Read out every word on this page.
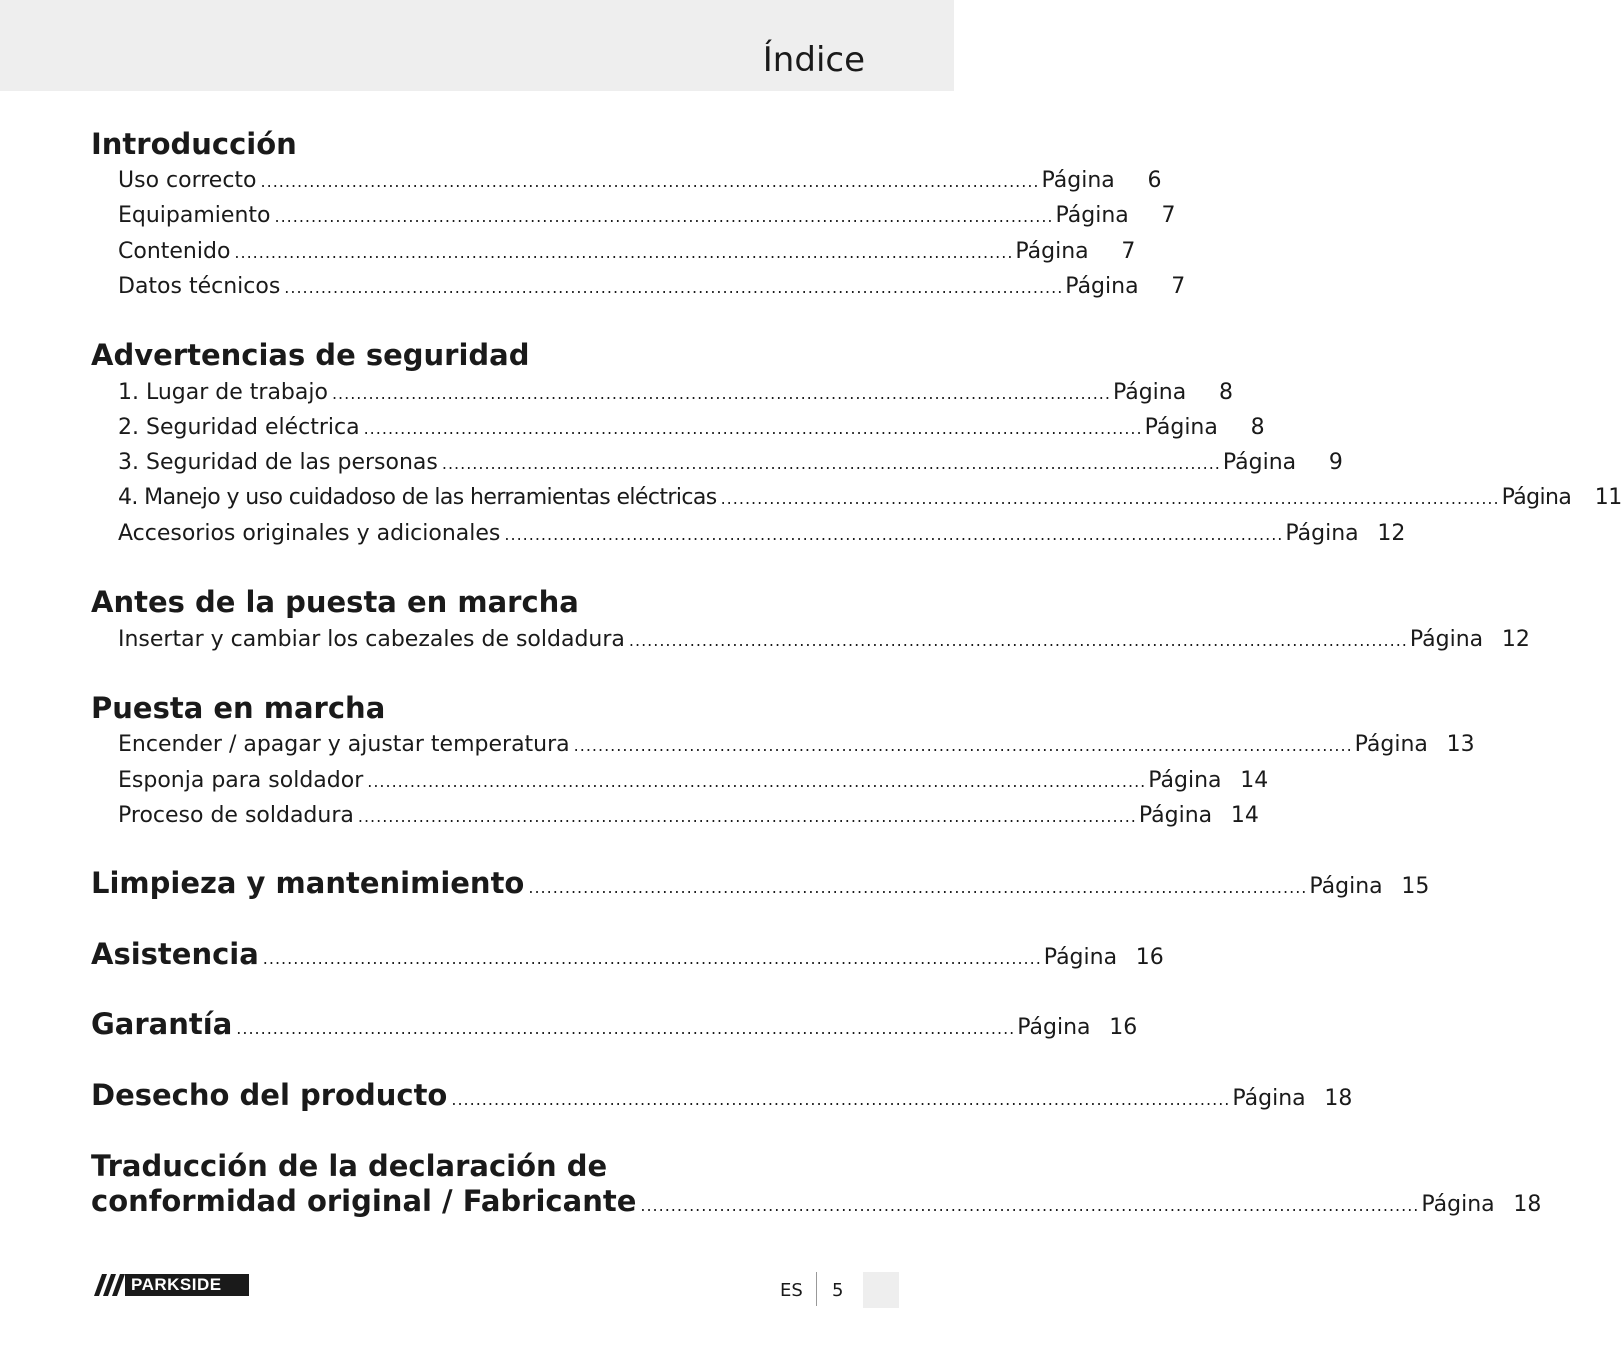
Índice
Introducción
Uso correcto ................................................................................................................................ Página	6
Equipamiento ................................................................................................................................ Página	7
Contenido ................................................................................................................................ Página	7
Datos técnicos ................................................................................................................................ Página	7
Advertencias de seguridad
1. Lugar de trabajo ................................................................................................................................ Página	8
2. Seguridad eléctrica ................................................................................................................................ Página	8
3. Seguridad de las personas ................................................................................................................................ Página	9
4. Manejo y uso cuidadoso de las herramientas eléctricas ................................................................................................................................ Página	11
Accesorios originales y adicionales ................................................................................................................................ Página 12
Antes de la puesta en marcha
Insertar y cambiar los cabezales de soldadura ................................................................................................................................ Página 12
Puesta en marcha
Encender / apagar y ajustar temperatura ................................................................................................................................ Página 13
Esponja para soldador ................................................................................................................................ Página 14
Proceso de soldadura ................................................................................................................................ Página 14
Limpieza y mantenimiento ................................................................................................................................ Página 15
Asistencia ................................................................................................................................ Página 16
Garantía ................................................................................................................................ Página 16
Desecho del producto ................................................................................................................................ Página 18
Traducción de la declaración de
conformidad original / Fabricante ................................................................................................................................ Página 18
PARKSIDE	ES 5
